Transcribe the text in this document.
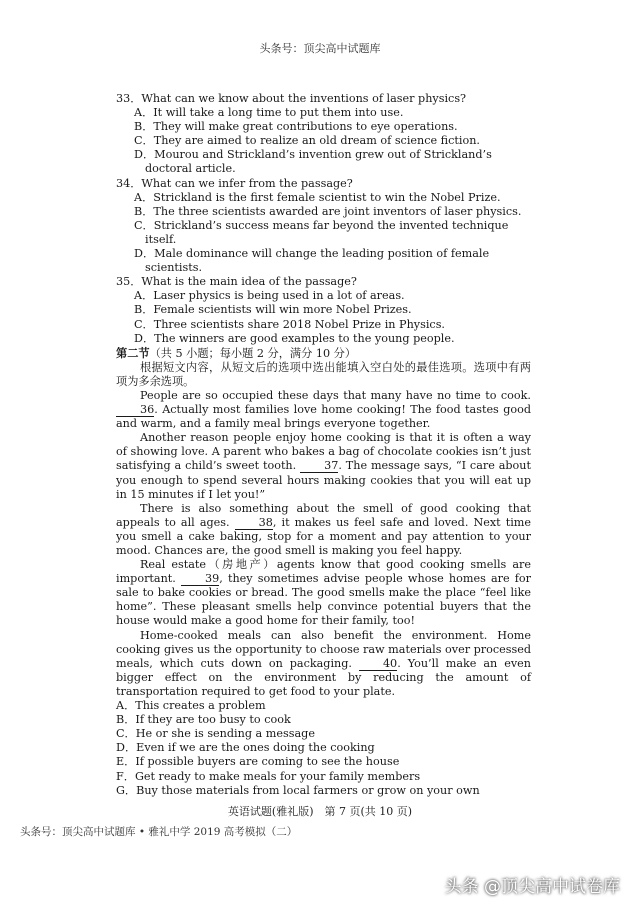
头条号：顶尖高中试题库

33．What can we know about the inventions of laser physics?

A．It will take a long time to put them into use.

B．They will make great contributions to eye operations.

C．They are aimed to realize an old dream of science fiction.

D．Mourou and Strickland’s invention grew out of Strickland’s doctoral article.

34．What can we infer from the passage?

A．Strickland is the first female scientist to win the Nobel Prize.

B．The three scientists awarded are joint inventors of laser physics.

C．Strickland’s success means far beyond the invented technique itself.

D．Male dominance will change the leading position of female scientists.

35．What is the main idea of the passage?

A．Laser physics is being used in a lot of areas.

B．Female scientists will win more Nobel Prizes.

C．Three scientists share 2018 Nobel Prize in Physics.

D．The winners are good examples to the young people.

第二节（共 5 小题；每小题 2 分，满分 10 分）

根据短文内容，从短文后的选项中选出能填入空白处的最佳选项。选项中有两项为多余选项。

People are so occupied these days that many have no time to cook. 36. Actually most families love home cooking! The food tastes good and warm, and a family meal brings everyone together.

Another reason people enjoy home cooking is that it is often a way of showing love. A parent who bakes a bag of chocolate cookies isn’t just satisfying a child’s sweet tooth. 37. The message says, “I care about you enough to spend several hours making cookies that you will eat up in 15 minutes if I let you!”

There is also something about the smell of good cooking that appeals to all ages.	38, it makes us feel safe and loved. Next time you smell a cake baking, stop for a moment and pay attention to your mood. Chances are, the good smell is making you feel happy.

Real estate（房地产）agents know that good cooking smells are important.	39, they sometimes advise people whose homes are for sale to bake cookies or bread. The good smells make the place “feel like home”. These pleasant smells help convince potential buyers that the house would make a good home for their family, too!

Home-cooked meals can also benefit the environment. Home cooking gives us the opportunity to choose raw materials over processed meals, which cuts down on packaging.	40. You’ll make an even bigger effect on the environment by reducing the amount of transportation required to get food to your plate.

A．This creates a problem

B．If they are too busy to cook

C．He or she is sending a message

D．Even if we are the ones doing the cooking

E．If possible buyers are coming to see the house

F．Get ready to make meals for your family members

G．Buy those materials from local farmers or grow on your own

英语试题(雅礼版)　第 7 页(共 10 页)
头条号：顶尖高中试题库 • 雅礼中学 2019 高考模拟（二）
头条 @顶尖高中试卷库
